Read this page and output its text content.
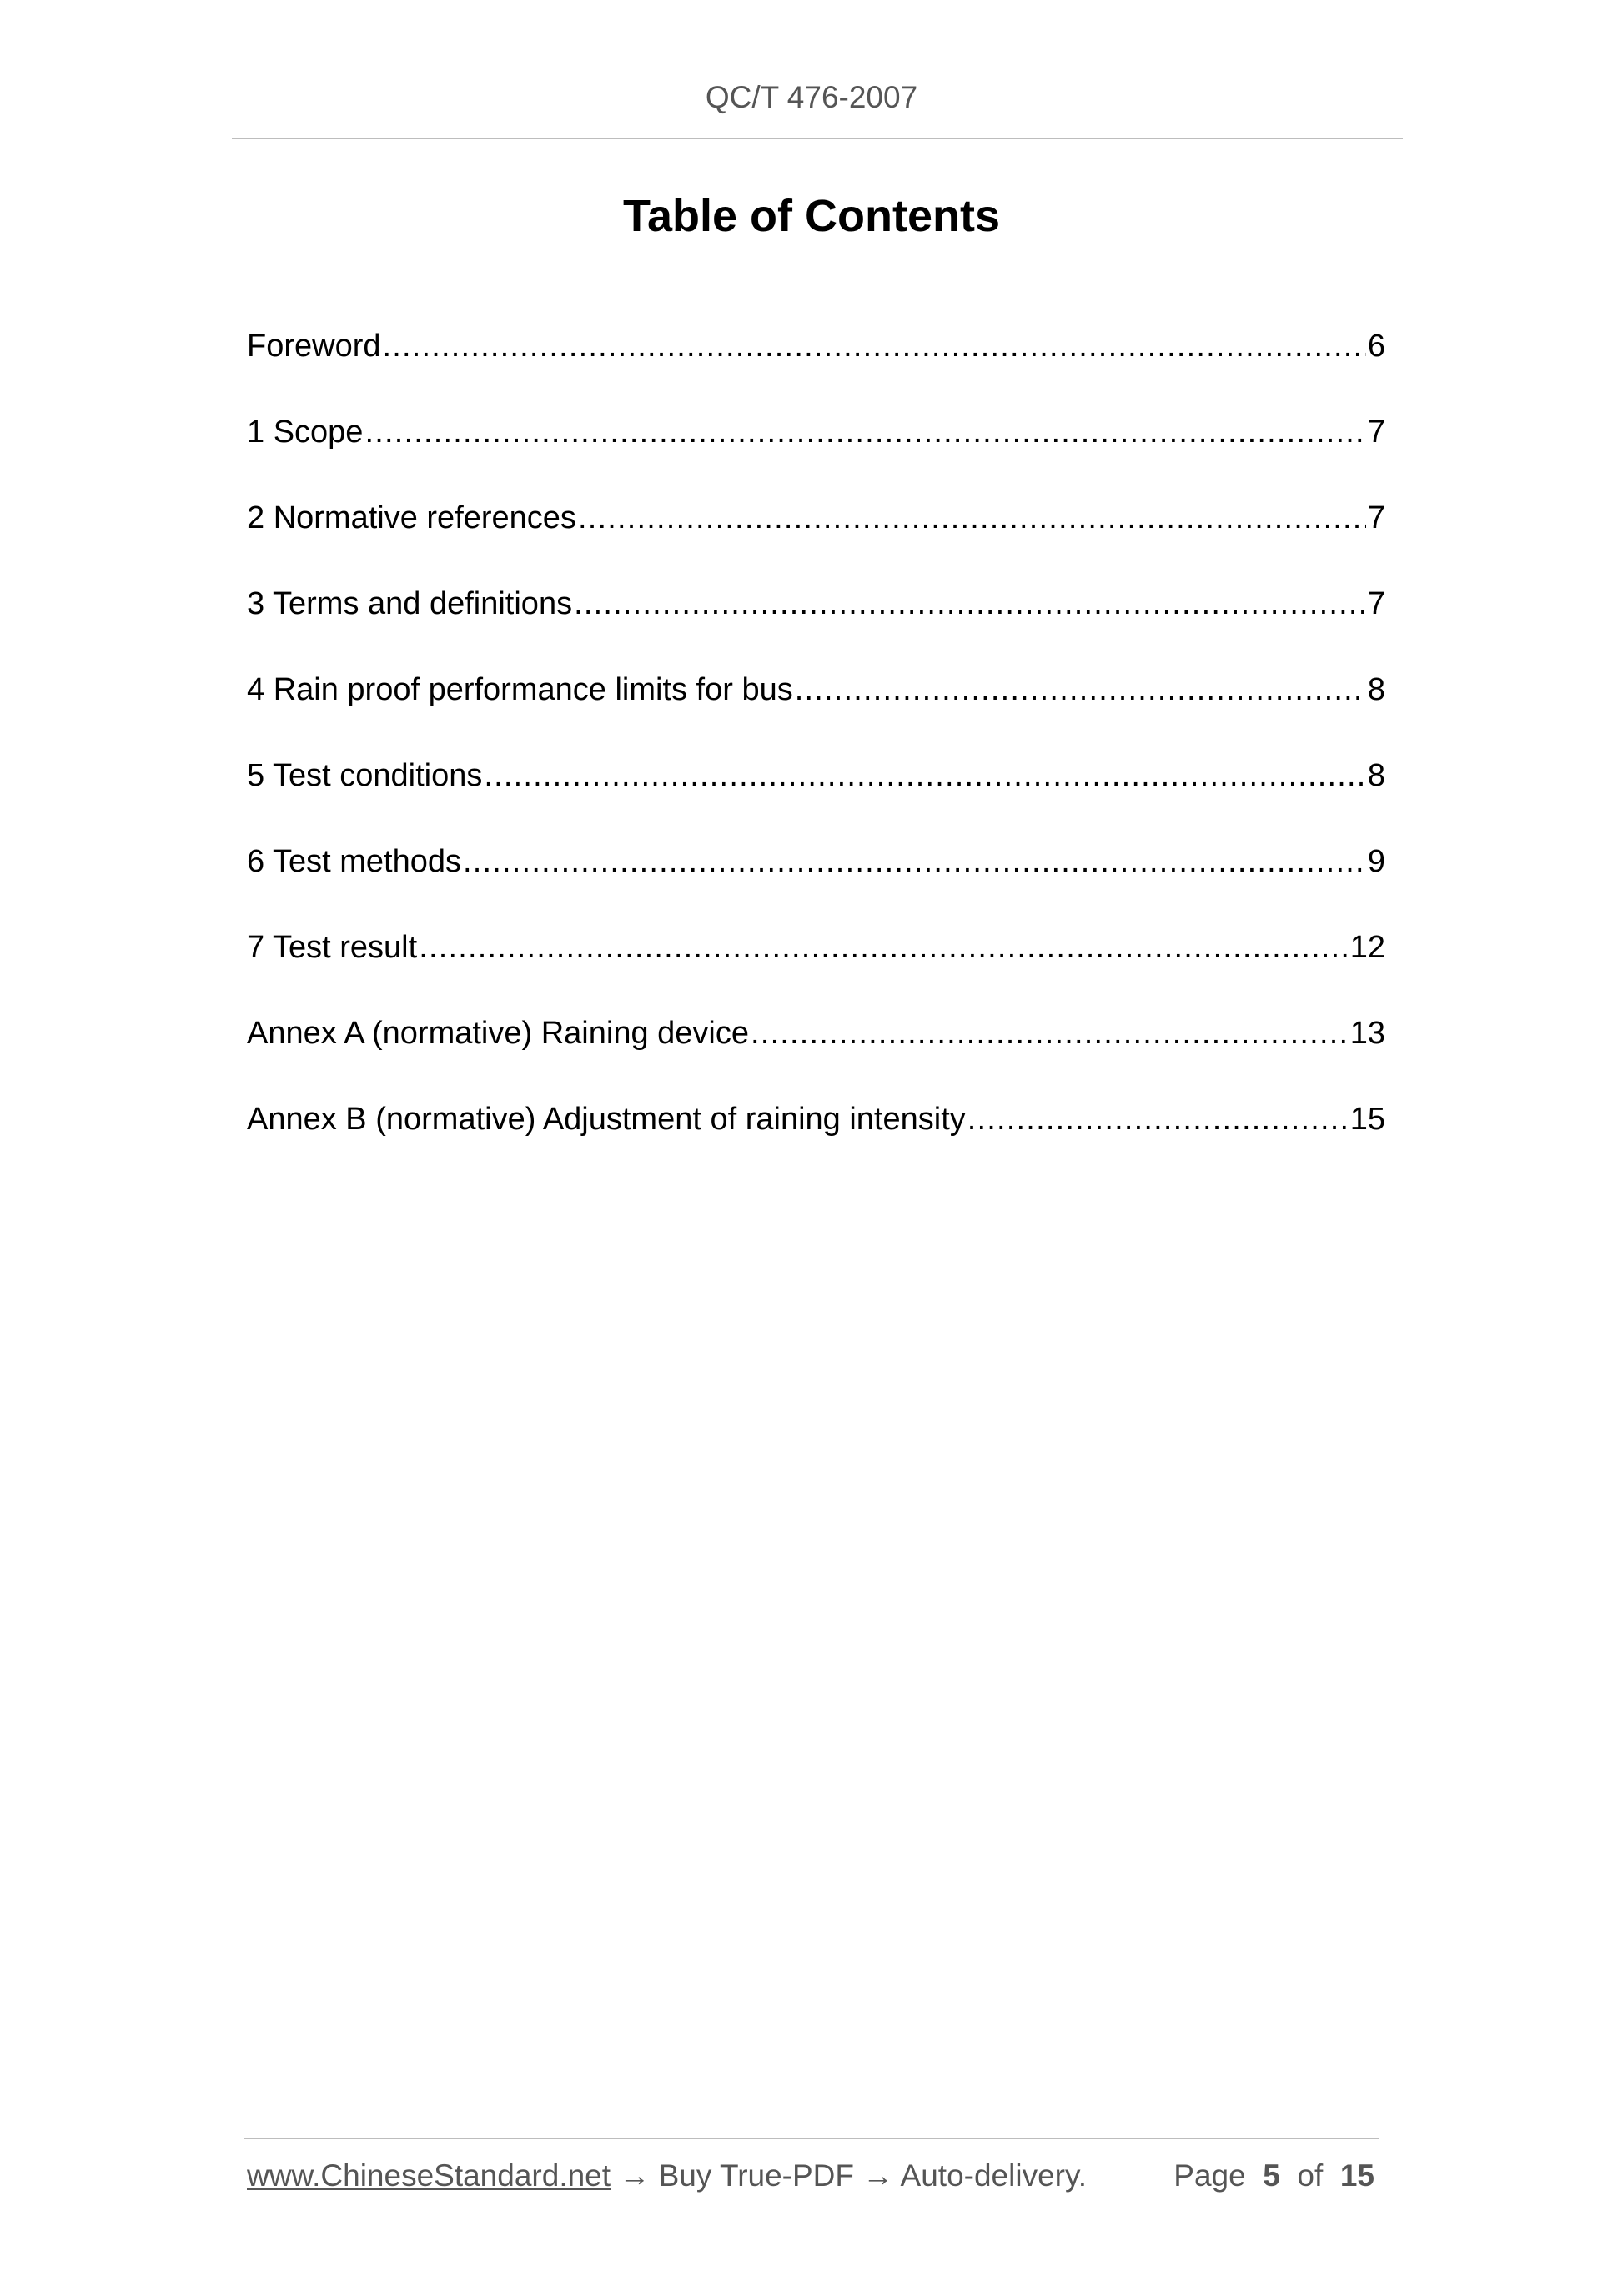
QC/T 476-2007
Table of Contents
Foreword .....	6
1 Scope .....	7
2 Normative references .....	7
3 Terms and definitions .....	7
4 Rain proof performance limits for bus .....	8
5 Test conditions .....	8
6 Test methods .....	9
7 Test result .....	12
Annex A (normative) Raining device .....	13
Annex B (normative) Adjustment of raining intensity .....	15
www.ChineseStandard.net → Buy True-PDF → Auto-delivery.	Page 5 of 15
